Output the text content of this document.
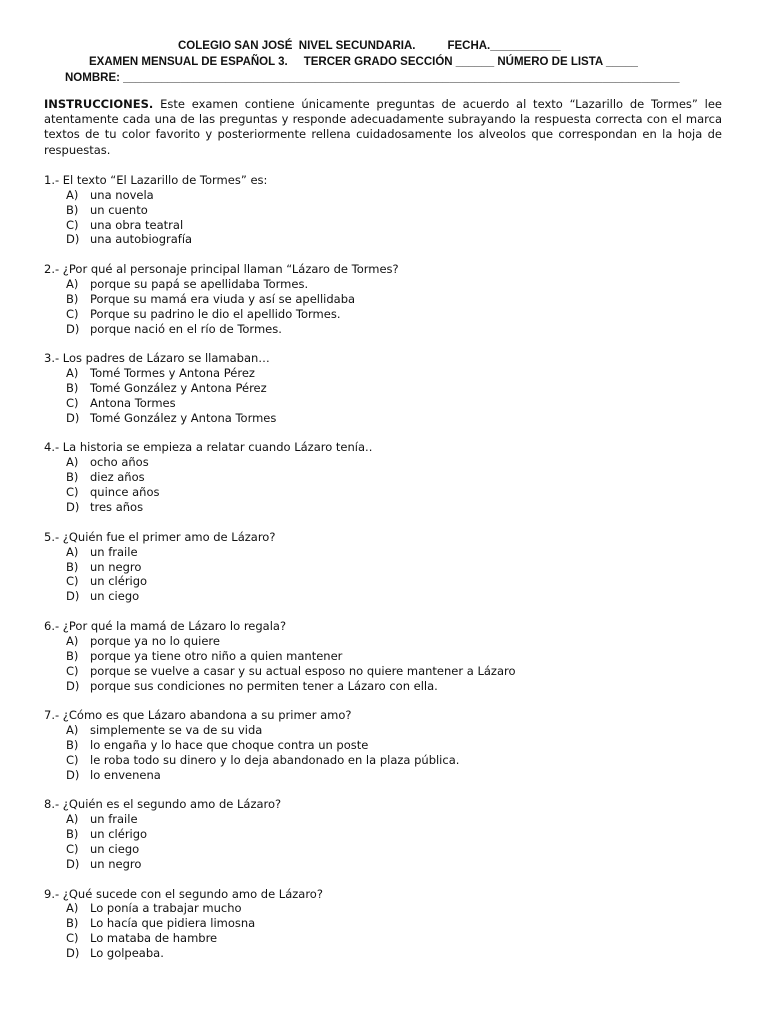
COLEGIO SAN JOSÉ  NIVEL SECUNDARIA.          FECHA.___________
EXAMEN MENSUAL DE ESPAÑOL 3.     TERCER GRADO SECCIÓN ______ NÚMERO DE LISTA _____
NOMBRE: _______________________________________________________________________________________
INSTRUCCIONES. Este examen contiene únicamente preguntas de acuerdo al texto “Lazarillo de Tormes” lee atentamente cada una de las preguntas y responde adecuadamente subrayando la respuesta correcta con el marca textos de tu color favorito y posteriormente rellena cuidadosamente los alveolos que correspondan en la hoja de respuestas.
1.- El texto “El Lazarillo de Tormes” es:
A) una novela
B) un cuento
C) una obra teatral
D) una autobiografía
2.- ¿Por qué al personaje principal llaman “Lázaro de Tormes?
A) porque su papá se apellidaba Tormes.
B) Porque su mamá era viuda y así se apellidaba
C) Porque su padrino le dio el apellido Tormes.
D) porque nació en el río de Tormes.
3.- Los padres de Lázaro se llamaban…
A) Tomé Tormes y Antona Pérez
B) Tomé González y Antona Pérez
C) Antona Tormes
D) Tomé González y Antona Tormes
4.- La historia se empieza a relatar cuando Lázaro tenía..
A) ocho años
B) diez años
C) quince años
D) tres años
5.- ¿Quién fue el primer amo de Lázaro?
A) un fraile
B) un negro
C) un clérigo
D) un ciego
6.- ¿Por qué la mamá de Lázaro lo regala?
A) porque ya no lo quiere
B) porque ya tiene otro niño a quien mantener
C) porque se vuelve a casar y su actual esposo no quiere mantener a Lázaro
D) porque sus condiciones no permiten tener a Lázaro con ella.
7.- ¿Cómo es que Lázaro abandona a su primer amo?
A) simplemente se va de su vida
B) lo engaña y lo hace que choque contra un poste
C) le roba todo su dinero y lo deja abandonado en la plaza pública.
D) lo envenena
8.- ¿Quién es el segundo amo de Lázaro?
A) un fraile
B) un clérigo
C) un ciego
D) un negro
9.- ¿Qué sucede con el segundo amo de Lázaro?
A) Lo ponía a trabajar mucho
B) Lo hacía que pidiera limosna
C) Lo mataba de hambre
D) Lo golpeaba.
